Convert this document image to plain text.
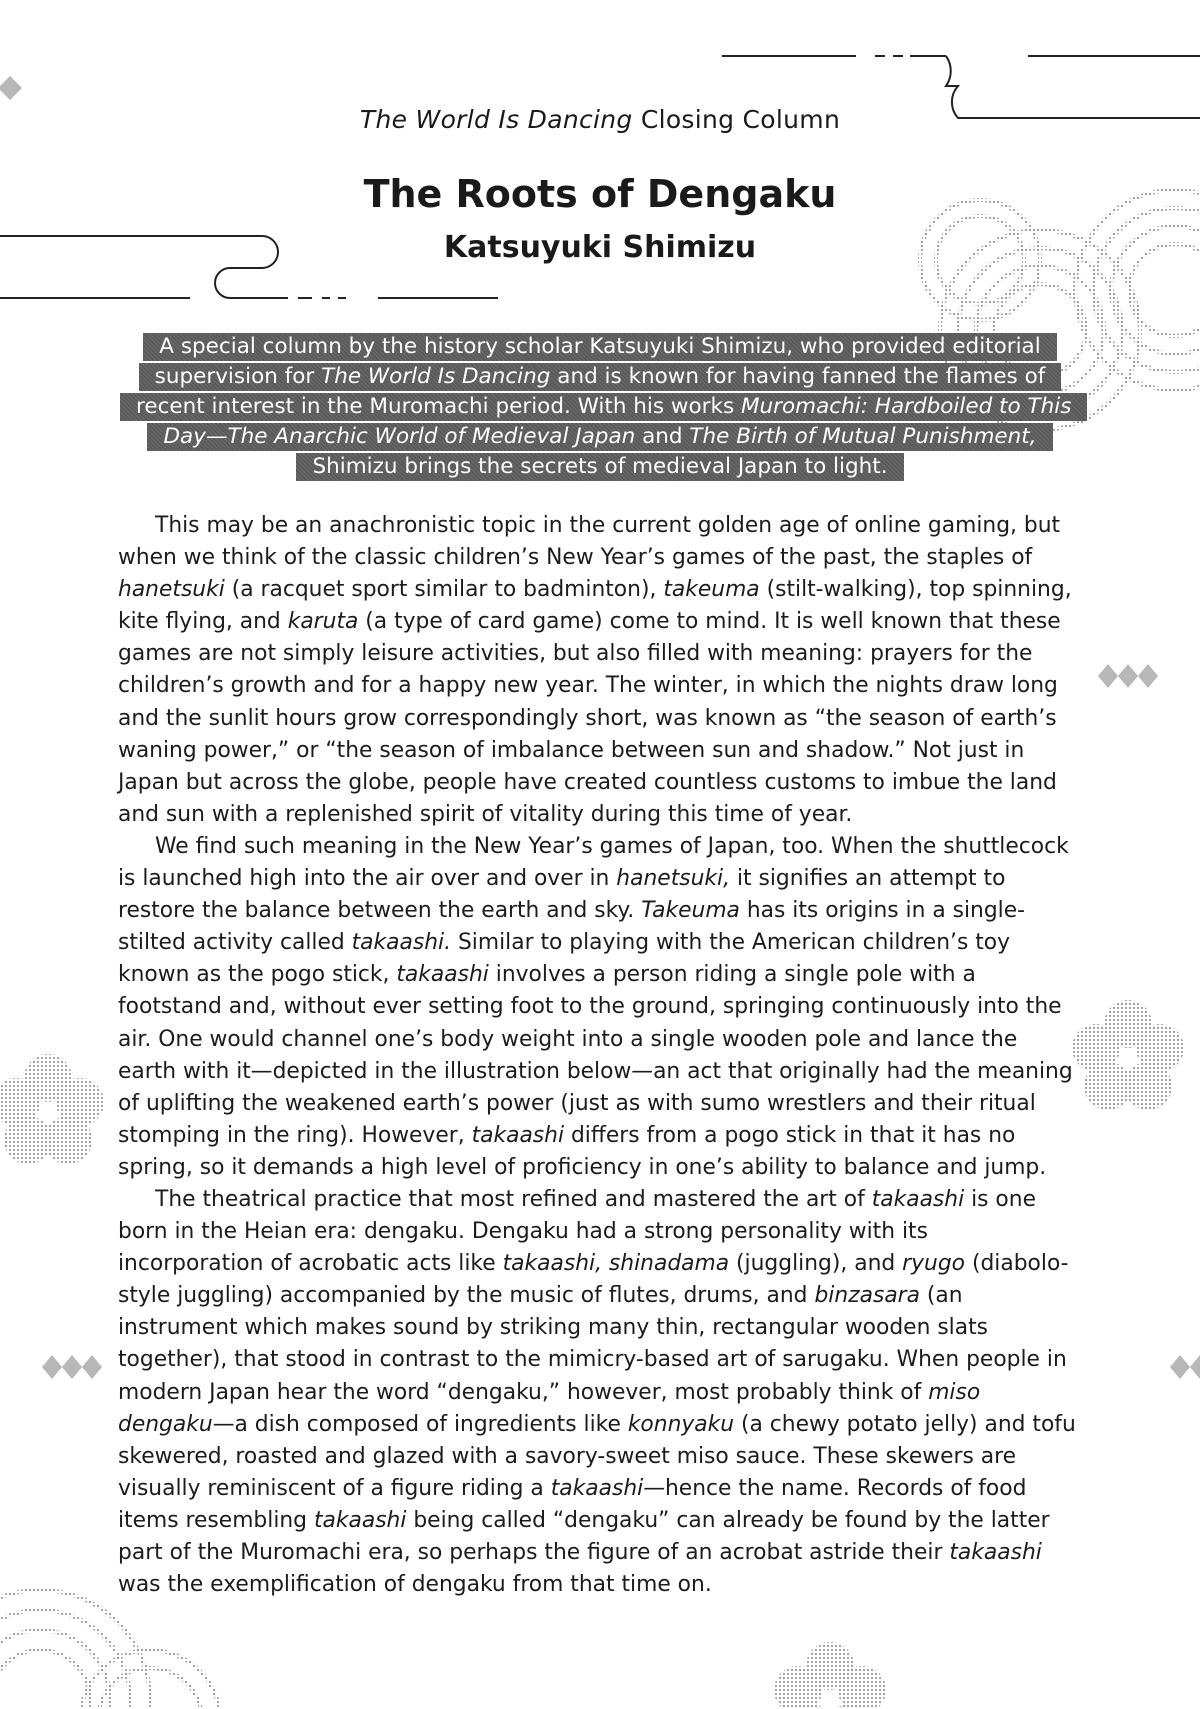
The World Is Dancing Closing Column
The Roots of Dengaku
Katsuyuki Shimizu
A special column by the history scholar Katsuyuki Shimizu, who provided editorial supervision for The World Is Dancing and is known for having fanned the flames of recent interest in the Muromachi period. With his works Muromachi: Hardboiled to This Day—The Anarchic World of Medieval Japan and The Birth of Mutual Punishment, Shimizu brings the secrets of medieval Japan to light.

This may be an anachronistic topic in the current golden age of online gaming, but when we think of the classic children’s New Year’s games of the past, the staples of hanetsuki (a racquet sport similar to badminton), takeuma (stilt-walking), top spinning, kite flying, and karuta (a type of card game) come to mind. It is well known that these games are not simply leisure activities, but also filled with meaning: prayers for the children’s growth and for a happy new year. The winter, in which the nights draw long and the sunlit hours grow correspondingly short, was known as “the season of earth’s waning power,” or “the season of imbalance between sun and shadow.” Not just in Japan but across the globe, people have created countless customs to imbue the land and sun with a replenished spirit of vitality during this time of year.

We find such meaning in the New Year’s games of Japan, too. When the shuttlecock is launched high into the air over and over in hanetsuki, it signifies an attempt to restore the balance between the earth and sky. Takeuma has its origins in a single-stilted activity called takaashi. Similar to playing with the American children’s toy known as the pogo stick, takaashi involves a person riding a single pole with a footstand and, without ever setting foot to the ground, springing continuously into the air. One would channel one’s body weight into a single wooden pole and lance the earth with it—depicted in the illustration below—an act that originally had the meaning of uplifting the weakened earth’s power (just as with sumo wrestlers and their ritual stomping in the ring). However, takaashi differs from a pogo stick in that it has no spring, so it demands a high level of proficiency in one’s ability to balance and jump.

The theatrical practice that most refined and mastered the art of takaashi is one born in the Heian era: dengaku. Dengaku had a strong personality with its incorporation of acrobatic acts like takaashi, shinadama (juggling), and ryugo (diabolo-style juggling) accompanied by the music of flutes, drums, and binzasara (an instrument which makes sound by striking many thin, rectangular wooden slats together), that stood in contrast to the mimicry-based art of sarugaku. When people in modern Japan hear the word “dengaku,” however, most probably think of miso dengaku—a dish composed of ingredients like konnyaku (a chewy potato jelly) and tofu skewered, roasted and glazed with a savory-sweet miso sauce. These skewers are visually reminiscent of a figure riding a takaashi—hence the name. Records of food items resembling takaashi being called “dengaku” can already be found by the latter part of the Muromachi era, so perhaps the figure of an acrobat astride their takaashi was the exemplification of dengaku from that time on.
